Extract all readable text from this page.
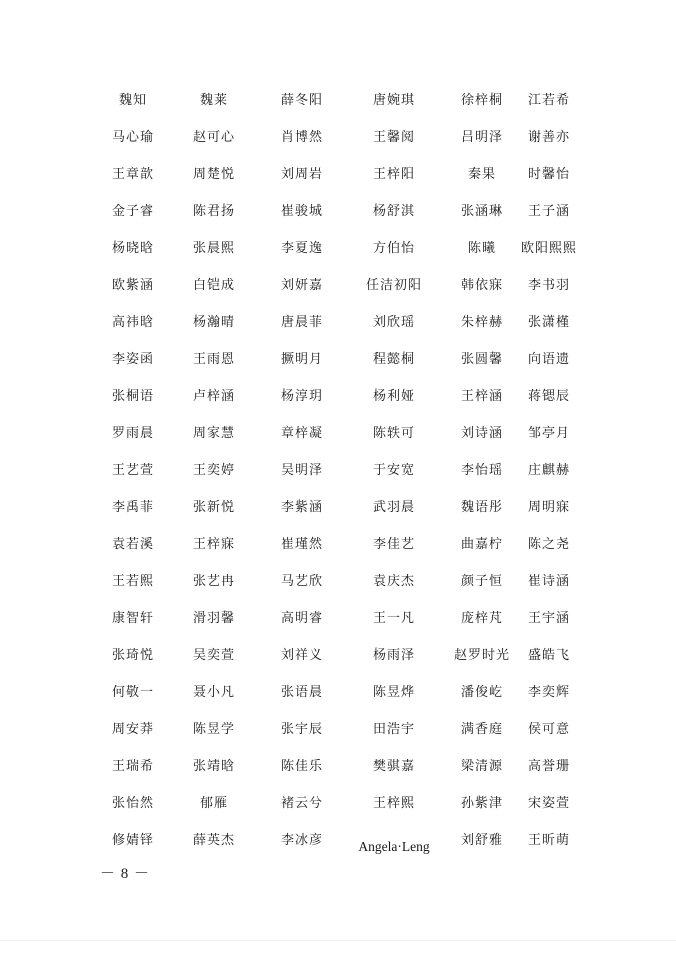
魏知	魏莱	薛冬阳	唐婉琪	徐梓桐	江若希
马心瑜	赵可心	肖博然	王馨阅	吕明泽	谢善亦
王章歆	周楚悦	刘周岩	王梓阳	秦果	时馨怡
金子睿	陈君扬	崔骏城	杨舒淇	张涵琳	王子涵
杨晓晗	张晨熙	李夏逸	方伯怡	陈曦	欧阳熙熙
欧紫涵	白铠成	刘妍嘉	任洁初阳	韩依寐	李书羽
高祎晗	杨瀚晴	唐晨菲	刘欣瑶	朱梓赫	张潇槿
李姿函	王雨恩	撅明月	程懿桐	张圆馨	向语遗
张桐语	卢梓涵	杨淳玥	杨利娅	王梓涵	蒋锶辰
罗雨晨	周家慧	章梓凝	陈轶可	刘诗涵	邹亭月
王艺萱	王奕婷	吴明泽	于安宽	李怡瑶	庄麒赫
李禹菲	张新悦	李紫涵	武羽晨	魏语彤	周明寐
袁若溪	王梓寐	崔瑾然	李佳艺	曲嘉柠	陈之尧
王若熙	张艺冉	马艺欣	袁庆杰	颜子恒	崔诗涵
康智轩	滑羽馨	高明睿	王一凡	庞梓芃	王宇涵
张琦悦	吴奕萱	刘祥义	杨雨泽	赵罗时光	盛皓飞
何敬一	聂小凡	张语晨	陈昱烨	潘俊屹	李奕辉
周安莽	陈昱学	张宇辰	田浩宇	满香庭	侯可意
王瑞希	张靖晗	陈佳乐	樊骐嘉	梁清源	高誉珊
张怡然	郁雁	褚云兮	王梓熙	孙紫津	宋姿萱
修婧铎	薛英杰	李冰彦	Angela·Leng	刘舒雅	王昕萌
－ 8 －
